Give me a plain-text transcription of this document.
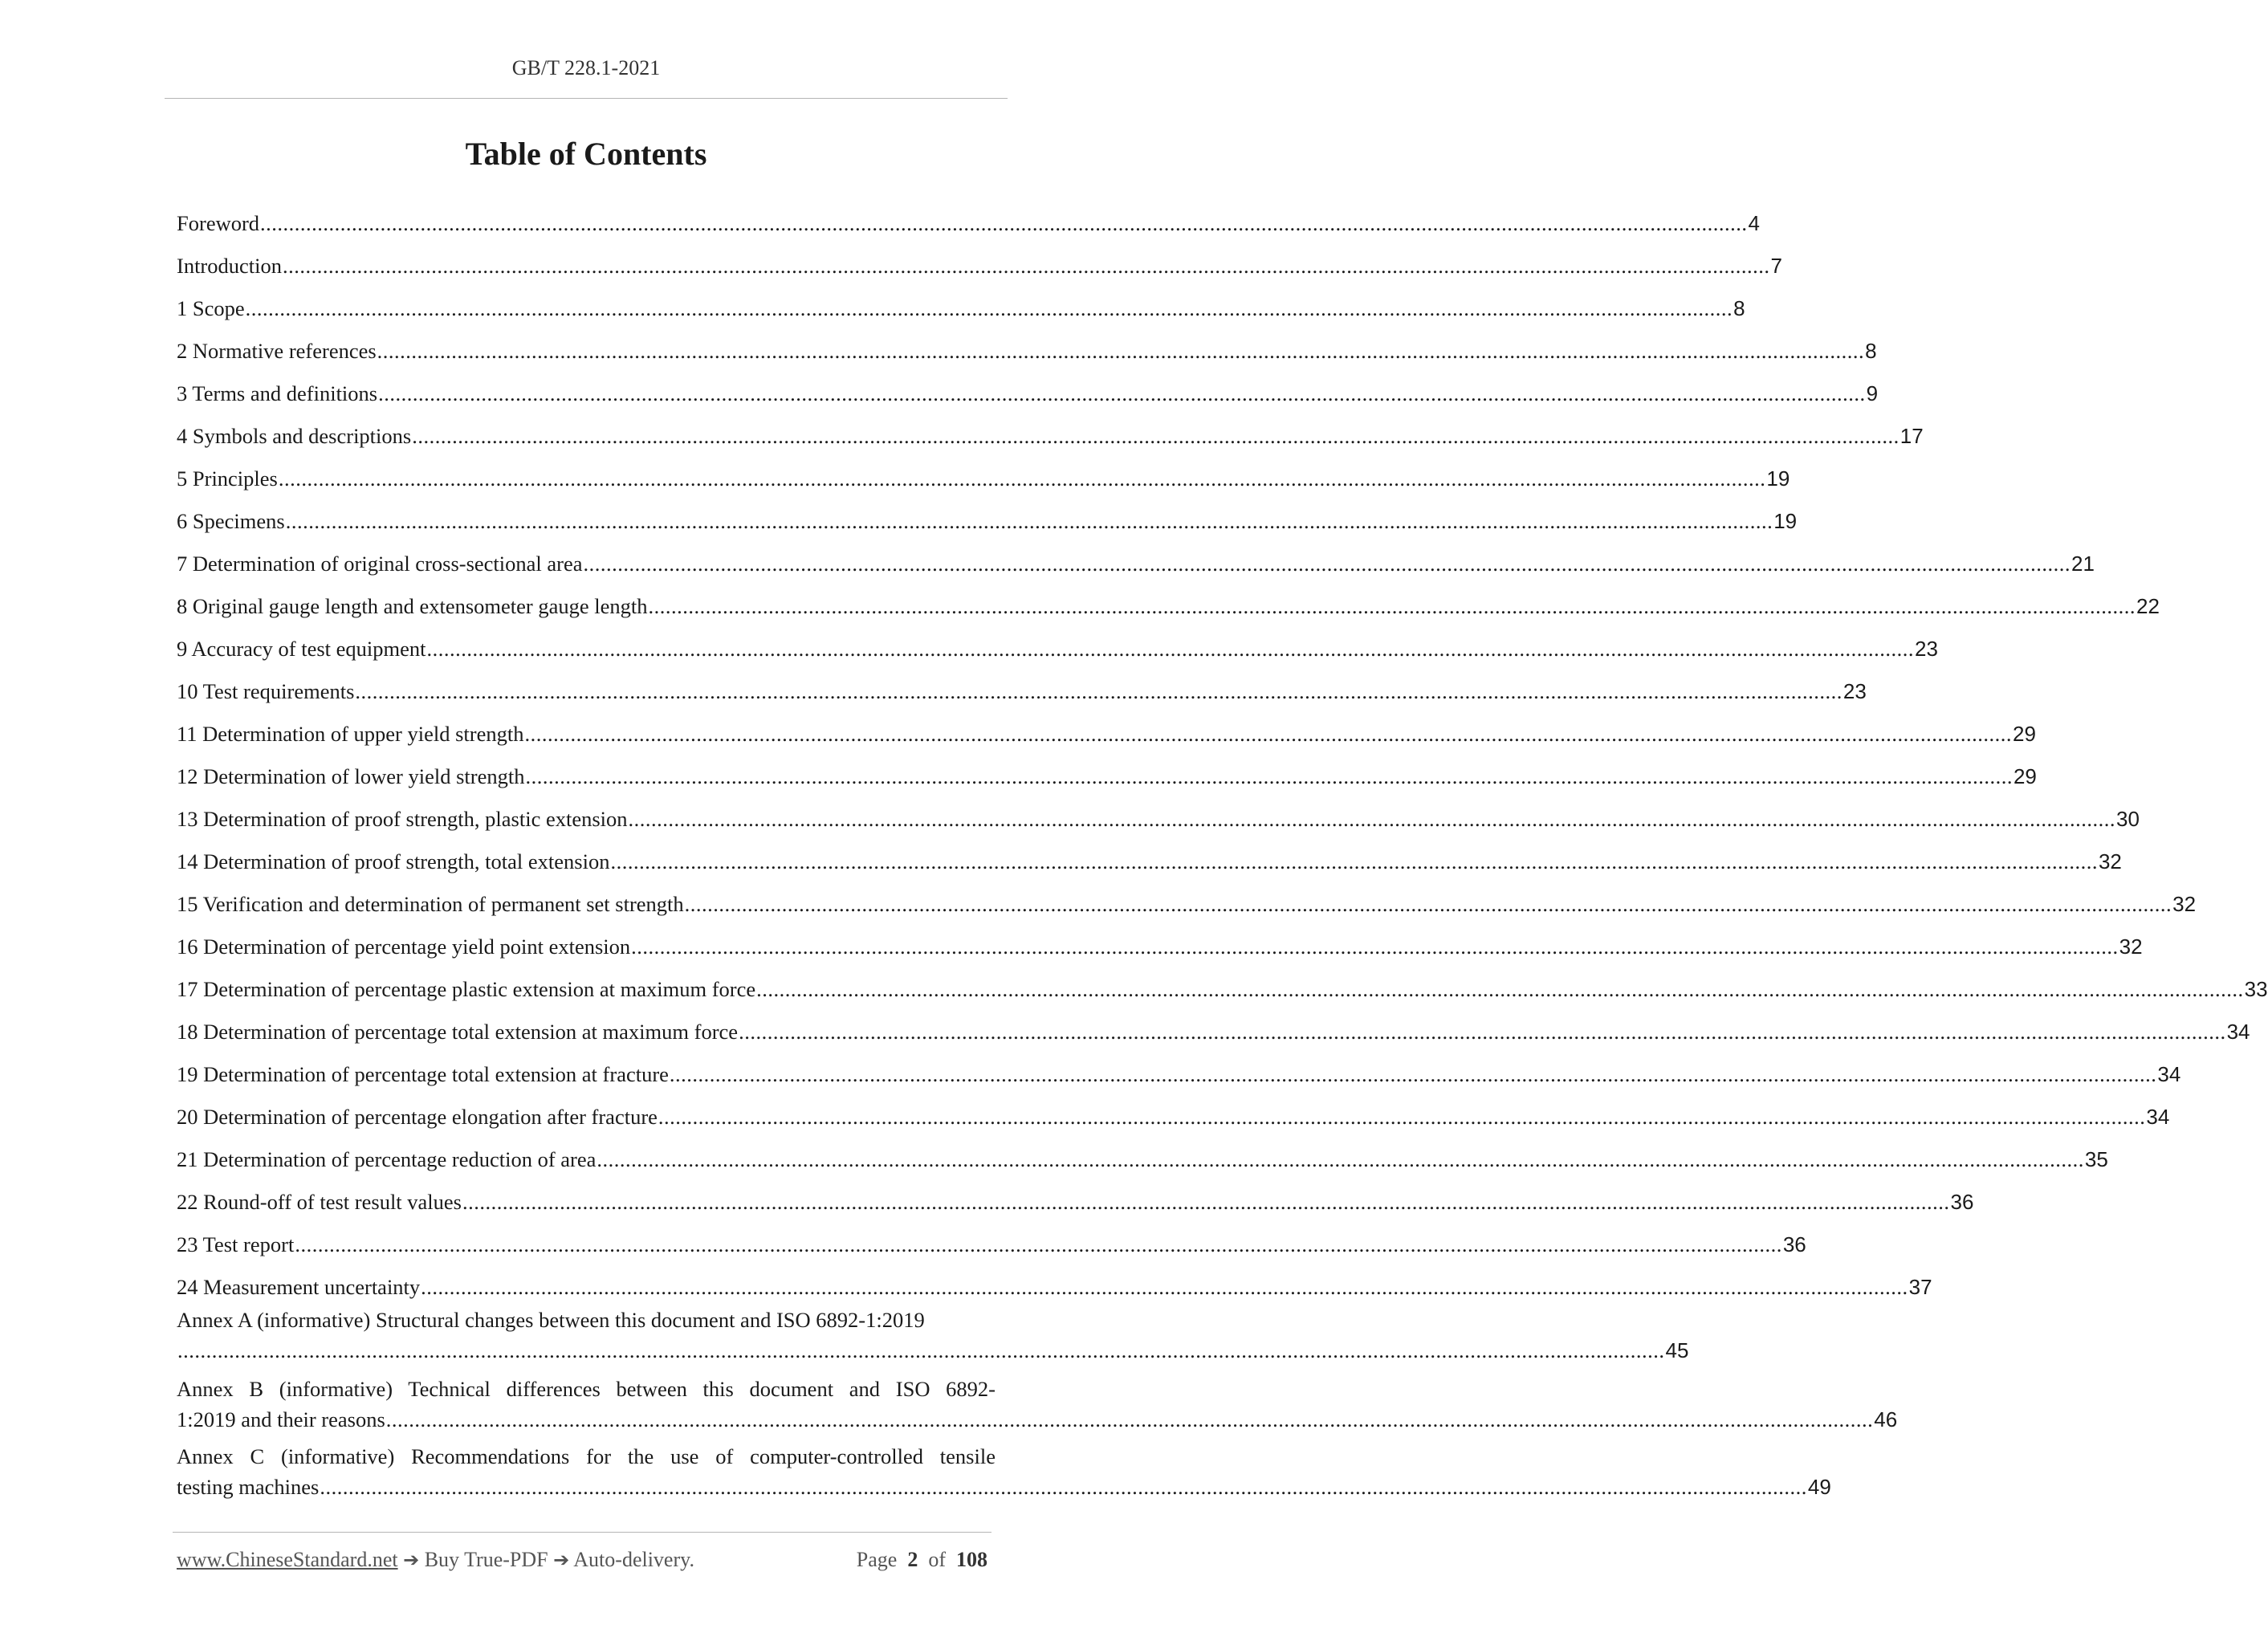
GB/T 228.1-2021
Table of Contents
Foreword .................................................................................................................................................................................................................................................................... 4
Introduction .................................................................................................................................................................................................................................................................... 7
1 Scope .................................................................................................................................................................................................................................................................... 8
2 Normative references .................................................................................................................................................................................................................................................................... 8
3 Terms and definitions .................................................................................................................................................................................................................................................................... 9
4 Symbols and descriptions .................................................................................................................................................................................................................................................................... 17
5 Principles .................................................................................................................................................................................................................................................................... 19
6 Specimens .................................................................................................................................................................................................................................................................... 19
7 Determination of original cross-sectional area .................................................................................................................................................................................................................................................................... 21
8 Original gauge length and extensometer gauge length .................................................................................................................................................................................................................................................................... 22
9 Accuracy of test equipment .................................................................................................................................................................................................................................................................... 23
10 Test requirements .................................................................................................................................................................................................................................................................... 23
11 Determination of upper yield strength .................................................................................................................................................................................................................................................................... 29
12 Determination of lower yield strength .................................................................................................................................................................................................................................................................... 29
13 Determination of proof strength, plastic extension .................................................................................................................................................................................................................................................................... 30
14 Determination of proof strength, total extension .................................................................................................................................................................................................................................................................... 32
15 Verification and determination of permanent set strength .................................................................................................................................................................................................................................................................... 32
16 Determination of percentage yield point extension .................................................................................................................................................................................................................................................................... 32
17 Determination of percentage plastic extension at maximum force .................................................................................................................................................................................................................................................................... 33
18 Determination of percentage total extension at maximum force .................................................................................................................................................................................................................................................................... 34
19 Determination of percentage total extension at fracture .................................................................................................................................................................................................................................................................... 34
20 Determination of percentage elongation after fracture .................................................................................................................................................................................................................................................................... 34
21 Determination of percentage reduction of area .................................................................................................................................................................................................................................................................... 35
22 Round-off of test result values .................................................................................................................................................................................................................................................................... 36
23 Test report .................................................................................................................................................................................................................................................................... 36
24 Measurement uncertainty .................................................................................................................................................................................................................................................................... 37
Annex A (informative) Structural changes between this document and ISO 6892-1:2019
.................................................................................................................................................................................................................................................................... 45
Annex B (informative) Technical differences between this document and ISO 6892-
1:2019 and their reasons .................................................................................................................................................................................................................................................................... 46
Annex C (informative) Recommendations for the use of computer-controlled tensile
testing machines .................................................................................................................................................................................................................................................................... 49
www.ChineseStandard.net ➔ Buy True-PDF ➔ Auto-delivery.	Page 2 of 108
